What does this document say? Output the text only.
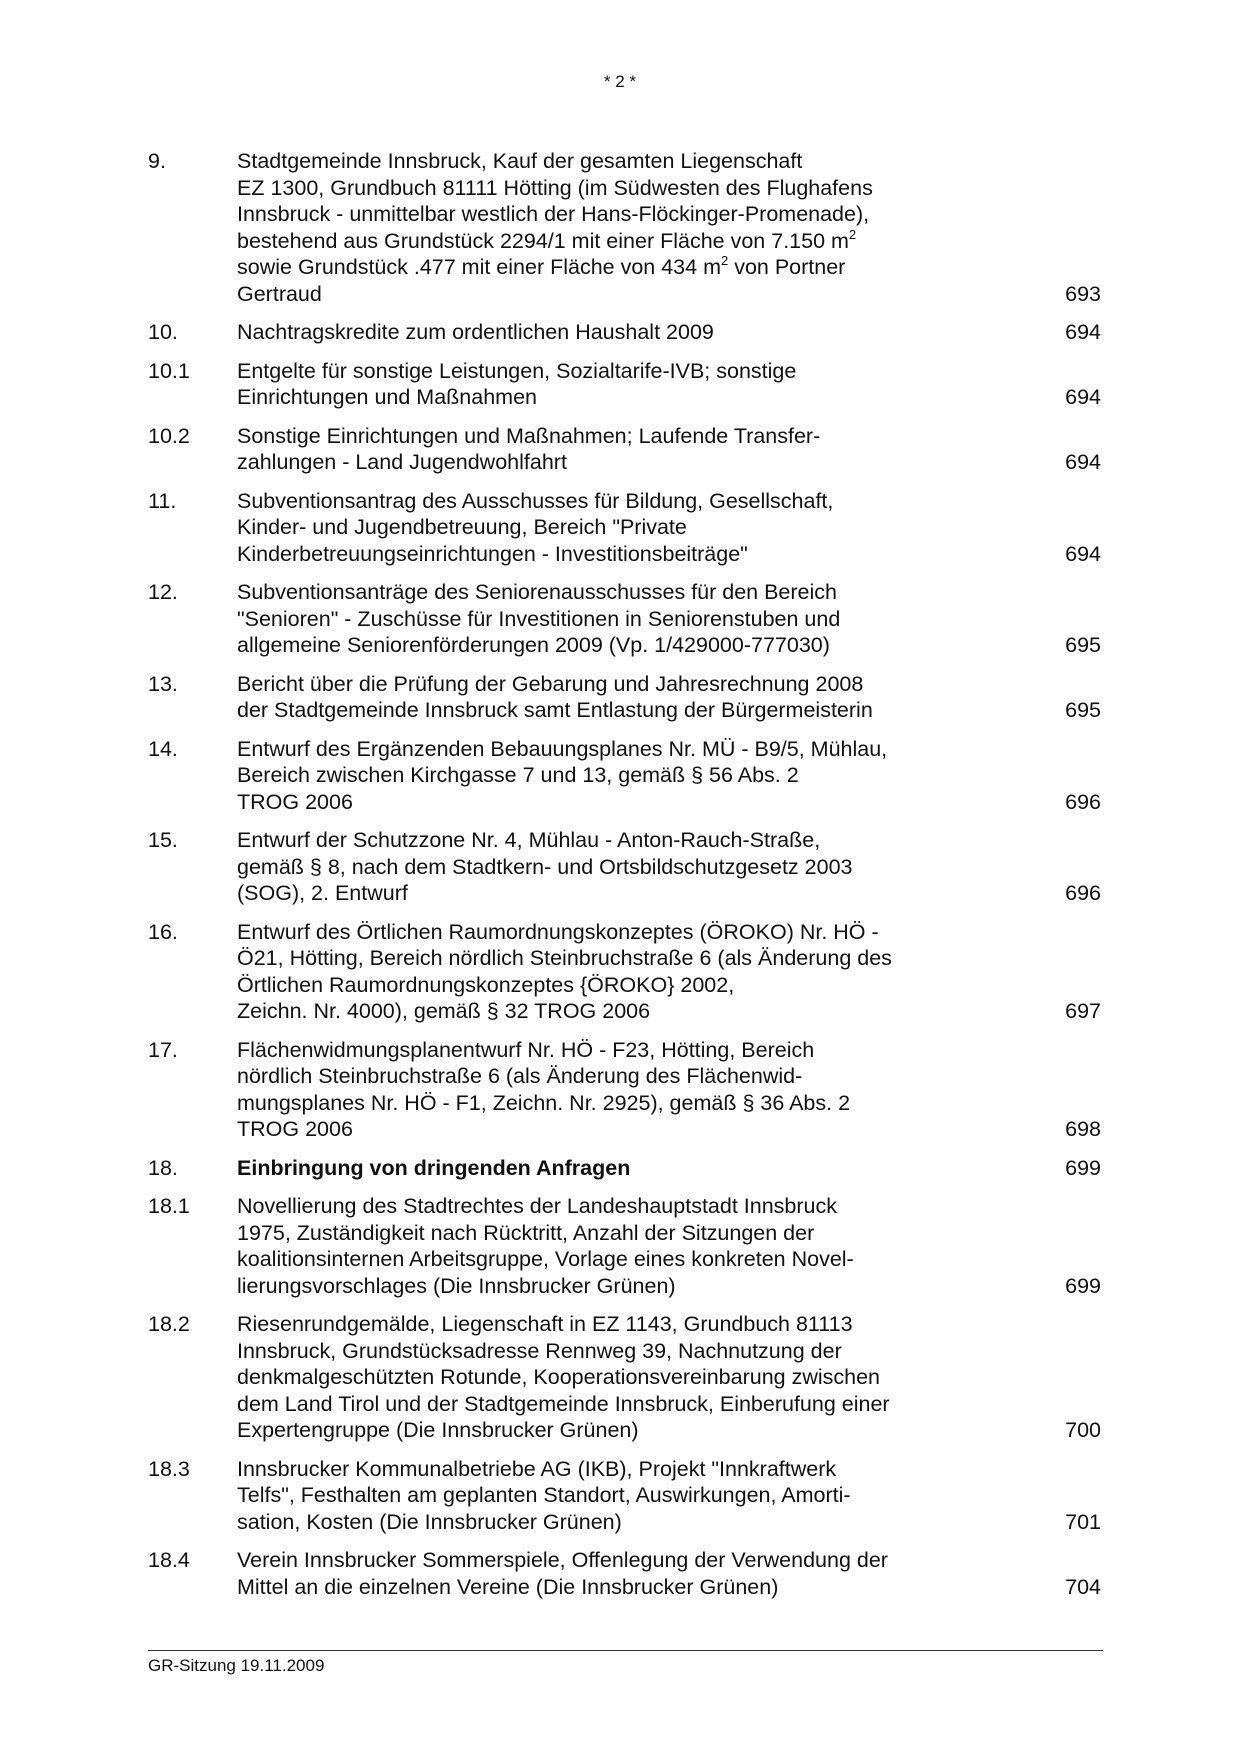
* 2 *
9.	Stadtgemeinde Innsbruck, Kauf der gesamten Liegenschaft
EZ 1300, Grundbuch 81111 Hötting (im Südwesten des Flughafens
Innsbruck - unmittelbar westlich der Hans-Flöckinger-Promenade),
bestehend aus Grundstück 2294/1 mit einer Fläche von 7.150 $m^2$
sowie Grundstück .477 mit einer Fläche von 434 $m^2$ von Portner
Gertraud	693
10.	Nachtragskredite zum ordentlichen Haushalt 2009	694
10.1	Entgelte für sonstige Leistungen, Sozialtarife-IVB; sonstige
Einrichtungen und Maßnahmen	694
10.2	Sonstige Einrichtungen und Maßnahmen; Laufende Transfer-
zahlungen - Land Jugendwohlfahrt	694
11.	Subventionsantrag des Ausschusses für Bildung, Gesellschaft,
Kinder- und Jugendbetreuung, Bereich "Private
Kinderbetreuungseinrichtungen - Investitionsbeiträge"	694
12.	Subventionsanträge des Seniorenausschusses für den Bereich
"Senioren" - Zuschüsse für Investitionen in Seniorenstuben und
allgemeine Seniorenförderungen 2009 (Vp. 1/429000-777030)	695
13.	Bericht über die Prüfung der Gebarung und Jahresrechnung 2008
der Stadtgemeinde Innsbruck samt Entlastung der Bürgermeisterin	695
14.	Entwurf des Ergänzenden Bebauungsplanes Nr. MÜ - B9/5, Mühlau,
Bereich zwischen Kirchgasse 7 und 13, gemäß § 56 Abs. 2
TROG 2006	696
15.	Entwurf der Schutzzone Nr. 4, Mühlau - Anton-Rauch-Straße,
gemäß § 8, nach dem Stadtkern- und Ortsbildschutzgesetz 2003
(SOG), 2. Entwurf	696
16.	Entwurf des Örtlichen Raumordnungskonzeptes (ÖROKO) Nr. HÖ -
Ö21, Hötting, Bereich nördlich Steinbruchstraße 6 (als Änderung des
Örtlichen Raumordnungskonzeptes {ÖROKO} 2002,
Zeichn. Nr. 4000), gemäß § 32 TROG 2006	697
17.	Flächenwidmungsplanentwurf Nr. HÖ - F23, Hötting, Bereich
nördlich Steinbruchstraße 6 (als Änderung des Flächenwid-
mungsplanes Nr. HÖ - F1, Zeichn. Nr. 2925), gemäß § 36 Abs. 2
TROG 2006	698
18.	Einbringung von dringenden Anfragen	699
18.1	Novellierung des Stadtrechtes der Landeshauptstadt Innsbruck
1975, Zuständigkeit nach Rücktritt, Anzahl der Sitzungen der
koalitionsinternen Arbeitsgruppe, Vorlage eines konkreten Novel-
lierungsvorschlages (Die Innsbrucker Grünen)	699
18.2	Riesenrundgemälde, Liegenschaft in EZ 1143, Grundbuch 81113
Innsbruck, Grundstücksadresse Rennweg 39, Nachnutzung der
denkmalgeschützten Rotunde, Kooperationsvereinbarung zwischen
dem Land Tirol und der Stadtgemeinde Innsbruck, Einberufung einer
Expertengruppe (Die Innsbrucker Grünen)	700
18.3	Innsbrucker Kommunalbetriebe AG (IKB), Projekt "Innkraftwerk
Telfs", Festhalten am geplanten Standort, Auswirkungen, Amorti-
sation, Kosten (Die Innsbrucker Grünen)	701
18.4	Verein Innsbrucker Sommerspiele, Offenlegung der Verwendung der
Mittel an die einzelnen Vereine (Die Innsbrucker Grünen)	704
GR-Sitzung 19.11.2009
